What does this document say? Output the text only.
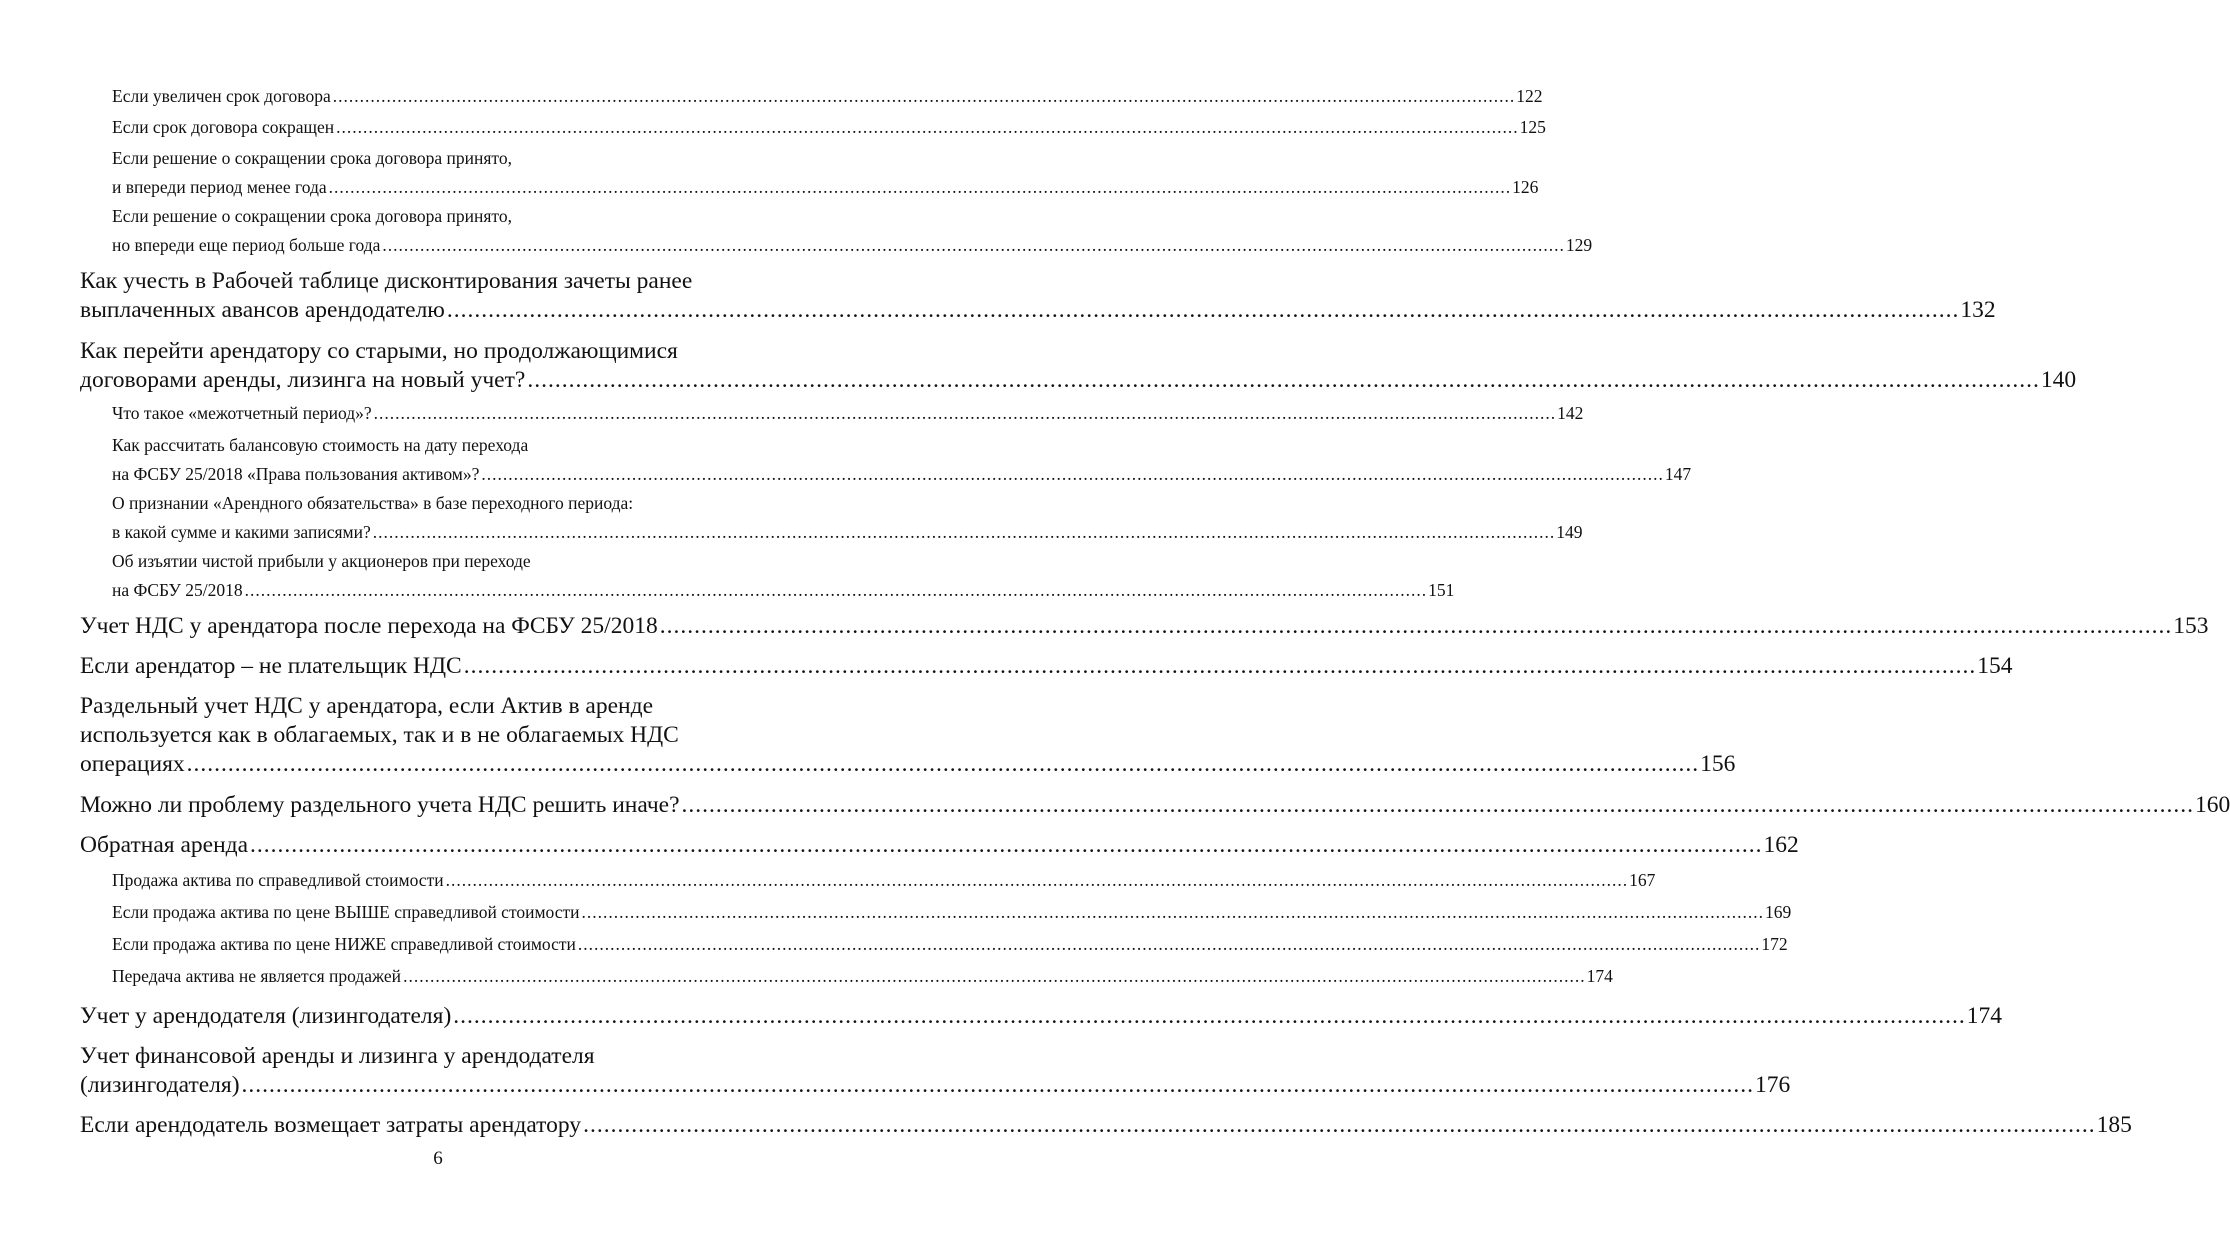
Если увеличен срок договора ............................................................................................................................................................................................................................ 122
Если срок договора сокращен ............................................................................................................................................................................................................................ 125
Если решение о сокращении срока договора принято,
и впереди период менее года ............................................................................................................................................................................................................................ 126
Если решение о сокращении срока договора принято,
но впереди еще период больше года ............................................................................................................................................................................................................................ 129
Как учесть в Рабочей таблице дисконтирования зачеты ранее
выплаченных авансов арендодателю ............................................................................................................................................................................................................................ 132
Как перейти арендатору со старыми, но продолжающимися
договорами аренды, лизинга на новый учет? ............................................................................................................................................................................................................................ 140
Что такое «межотчетный период»? ............................................................................................................................................................................................................................ 142
Как рассчитать балансовую стоимость на дату перехода
на ФСБУ 25/2018 «Права пользования активом»? ............................................................................................................................................................................................................................ 147
О признании «Арендного обязательства» в базе переходного периода:
в какой сумме и какими записями? ............................................................................................................................................................................................................................ 149
Об изъятии чистой прибыли у акционеров при переходе
на ФСБУ 25/2018 ............................................................................................................................................................................................................................ 151
Учет НДС у арендатора после перехода на ФСБУ 25/2018 ............................................................................................................................................................................................................................ 153
Если арендатор – не плательщик НДС ............................................................................................................................................................................................................................ 154
Раздельный учет НДС у арендатора, если Актив в аренде
используется как в облагаемых, так и в не облагаемых НДС
операциях ............................................................................................................................................................................................................................ 156
Можно ли проблему раздельного учета НДС решить иначе? ............................................................................................................................................................................................................................ 160
Обратная аренда ............................................................................................................................................................................................................................ 162
Продажа актива по справедливой стоимости ............................................................................................................................................................................................................................ 167
Если продажа актива по цене ВЫШЕ справедливой стоимости ............................................................................................................................................................................................................................ 169
Если продажа актива по цене НИЖЕ справедливой стоимости ............................................................................................................................................................................................................................ 172
Передача актива не является продажей ............................................................................................................................................................................................................................ 174
Учет у арендодателя (лизингодателя) ............................................................................................................................................................................................................................ 174
Учет финансовой аренды и лизинга у арендодателя
(лизингодателя) ............................................................................................................................................................................................................................ 176
Если арендодатель возмещает затраты арендатору ............................................................................................................................................................................................................................ 185
6
